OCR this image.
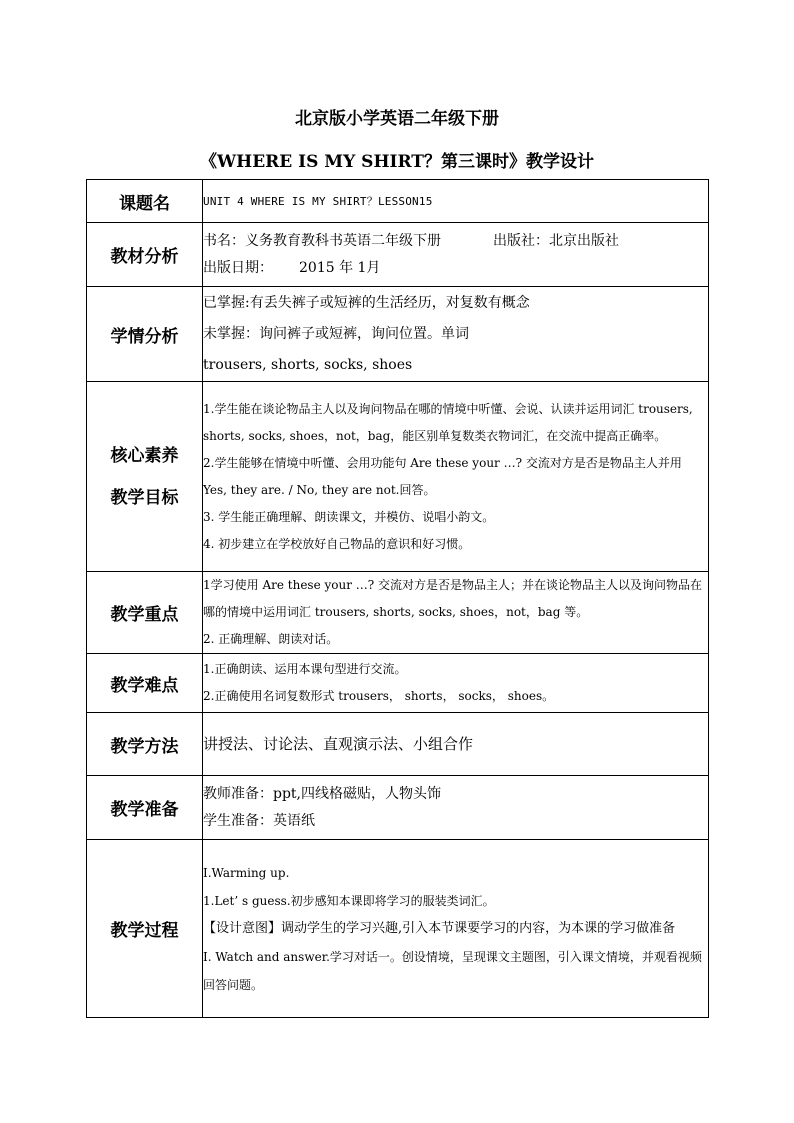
北京版小学英语二年级下册
《WHERE IS MY SHIRT？第三课时》教学设计
课题名	UNIT 4 WHERE IS MY SHIRT？LESSON15
教材分析	书名：义务教育教科书英语二年级下册 出版社：北京出版社
出版日期： 2015 年 1月

学情分析	已掌握:有丢失裤子或短裤的生活经历，对复数有概念
未掌握：询问裤子或短裤，询问位置。单词
trousers, shorts, socks, shoes

核心素养
教学目标	1.学生能在谈论物品主人以及询问物品在哪的情境中听懂、会说、认读并运用词汇 trousers, shorts, socks, shoes，not，bag，能区别单复数类衣物词汇，在交流中提高正确率。
2.学生能够在情境中听懂、会用功能句 Are these your …? 交流对方是否是物品主人并用 Yes, they are. / No, they are not.回答。
3. 学生能正确理解、朗读课文，并模仿、说唱小韵文。
4. 初步建立在学校放好自己物品的意识和好习惯。

教学重点	1学习使用 Are these your …? 交流对方是否是物品主人；并在谈论物品主人以及询问物品在哪的情境中运用词汇 trousers, shorts, socks, shoes，not，bag 等。
2. 正确理解、朗读对话。

教学难点	1.正确朗读、运用本课句型进行交流。
2.正确使用名词复数形式 trousers， shorts， socks， shoes。

教学方法	讲授法、讨论法、直观演示法、小组合作
教学准备	教师准备：ppt,四线格磁贴，人物头饰
学生准备：英语纸

教学过程	Ⅰ.Warming up.
1.Let’ s guess.初步感知本课即将学习的服装类词汇。
【设计意图】调动学生的学习兴趣,引入本节课要学习的内容，为本课的学习做准备
Ⅰ. Watch and answer.学习对话一。创设情境，呈现课文主题图，引入课文情境，并观看视频回答问题。
